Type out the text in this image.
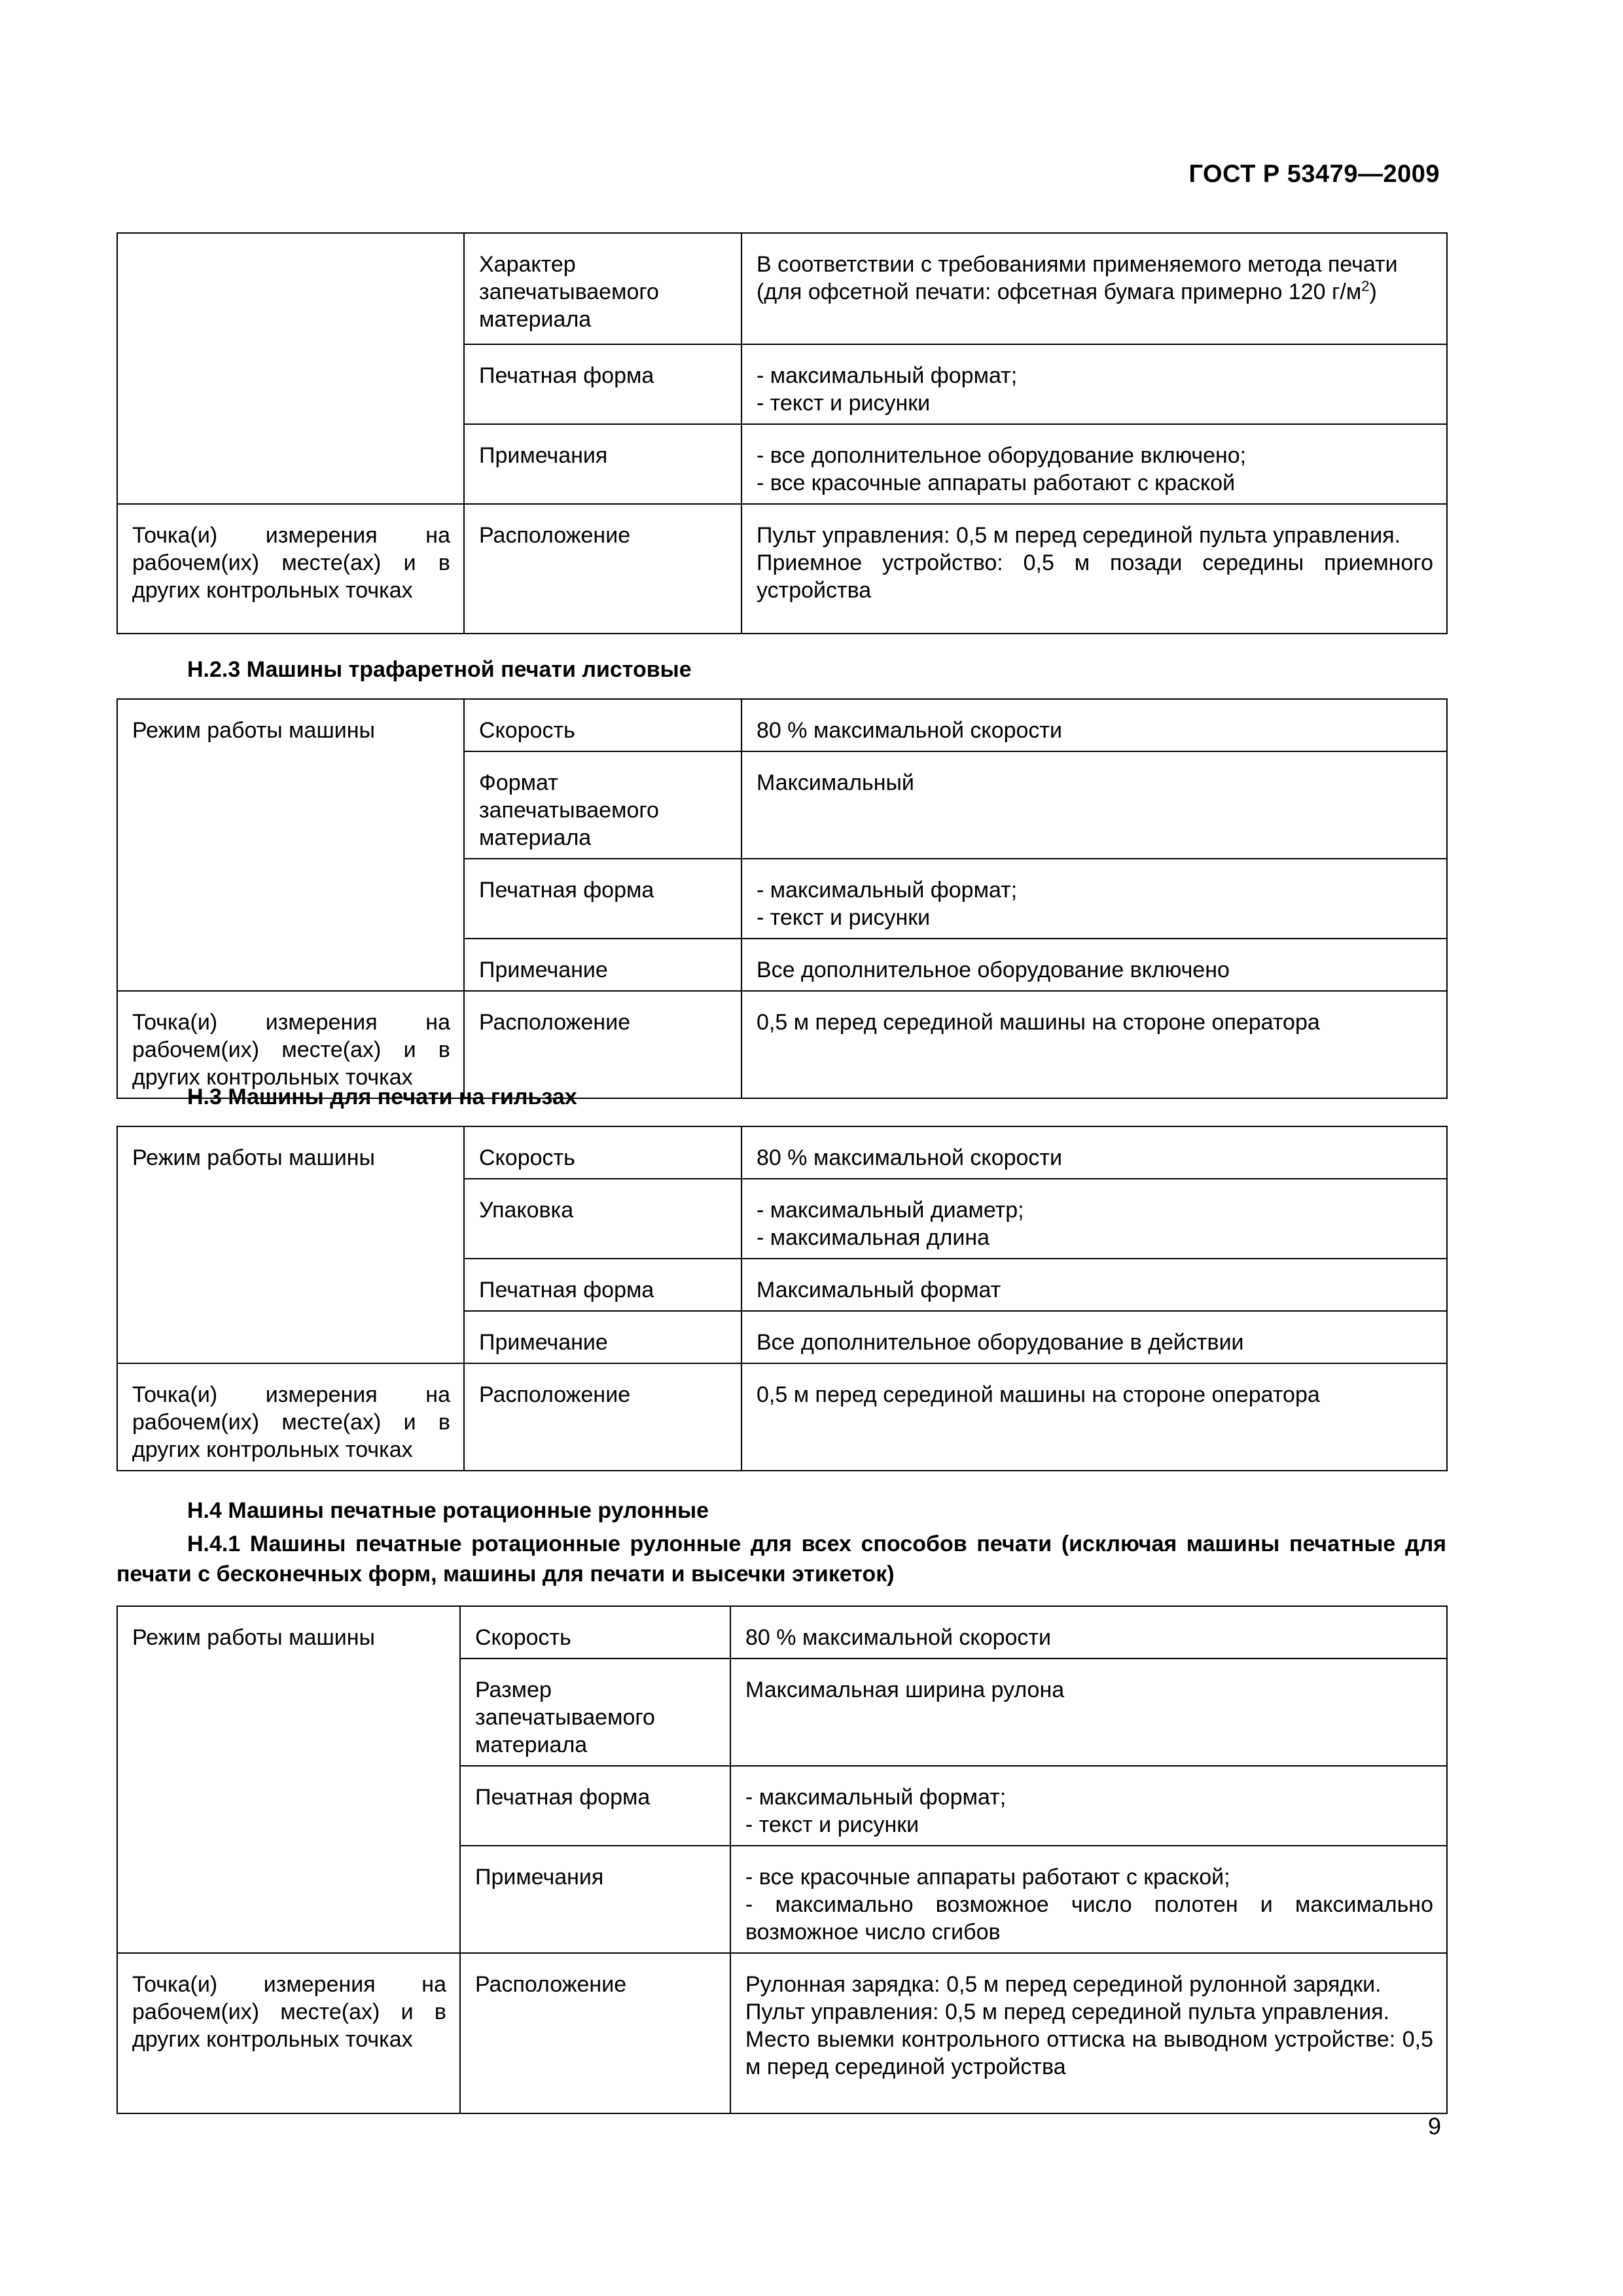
ГОСТ Р 53479—2009
	Характер запечатываемого материала	В соответствии с требованиями применяемого метода печати
(для офсетной печати: офсетная бумага примерно 120 $г/м^2$)

	Печатная форма	- максимальный формат;
- текст и рисунки

	Примечания	- все дополнительное оборудование включено;
- все красочные аппараты работают с краской

Точка(и) измерения на рабочем(их) месте(ах) и в других контрольных точках	Расположение	Пульт управления: 0,5 м перед серединой пульта управления.
Приемное устройство: 0,5 м позади середины приемного устройства
Н.2.3 Машины трафаретной печати листовые
Режим работы машины	Скорость	80 % максимальной скорости
	Формат запечатываемого материала	Максимальный
	Печатная форма	- максимальный формат;
- текст и рисунки

	Примечание	Все дополнительное оборудование включено
Точка(и) измерения на рабочем(их) месте(ах) и в других контрольных точках	Расположение	0,5 м перед серединой машины на стороне оператора
Н.3 Машины для печати на гильзах
Режим работы машины	Скорость	80 % максимальной скорости
	Упаковка	- максимальный диаметр;
- максимальная длина

	Печатная форма	Максимальный формат
	Примечание	Все дополнительное оборудование в действии
Точка(и) измерения на рабочем(их) месте(ах) и в других контрольных точках	Расположение	0,5 м перед серединой машины на стороне оператора
Н.4 Машины печатные ротационные рулонные
Н.4.1 Машины печатные ротационные рулонные для всех способов печати (исключая машины печатные для печати с бесконечных форм, машины для печати и высечки этикеток)
Режим работы машины	Скорость	80 % максимальной скорости
	Размер запечатываемого материала	Максимальная ширина рулона
	Печатная форма	- максимальный формат;
- текст и рисунки

	Примечания	- все красочные аппараты работают с краской;
- максимально возможное число полотен и максимально возможное число сгибов

Точка(и) измерения на рабочем(их) месте(ах) и в других контрольных точках	Расположение	Рулонная зарядка: 0,5 м перед серединой рулонной зарядки.
Пульт управления: 0,5 м перед серединой пульта управления.
Место выемки контрольного оттиска на выводном устройстве: 0,5 м перед серединой устройства
9
